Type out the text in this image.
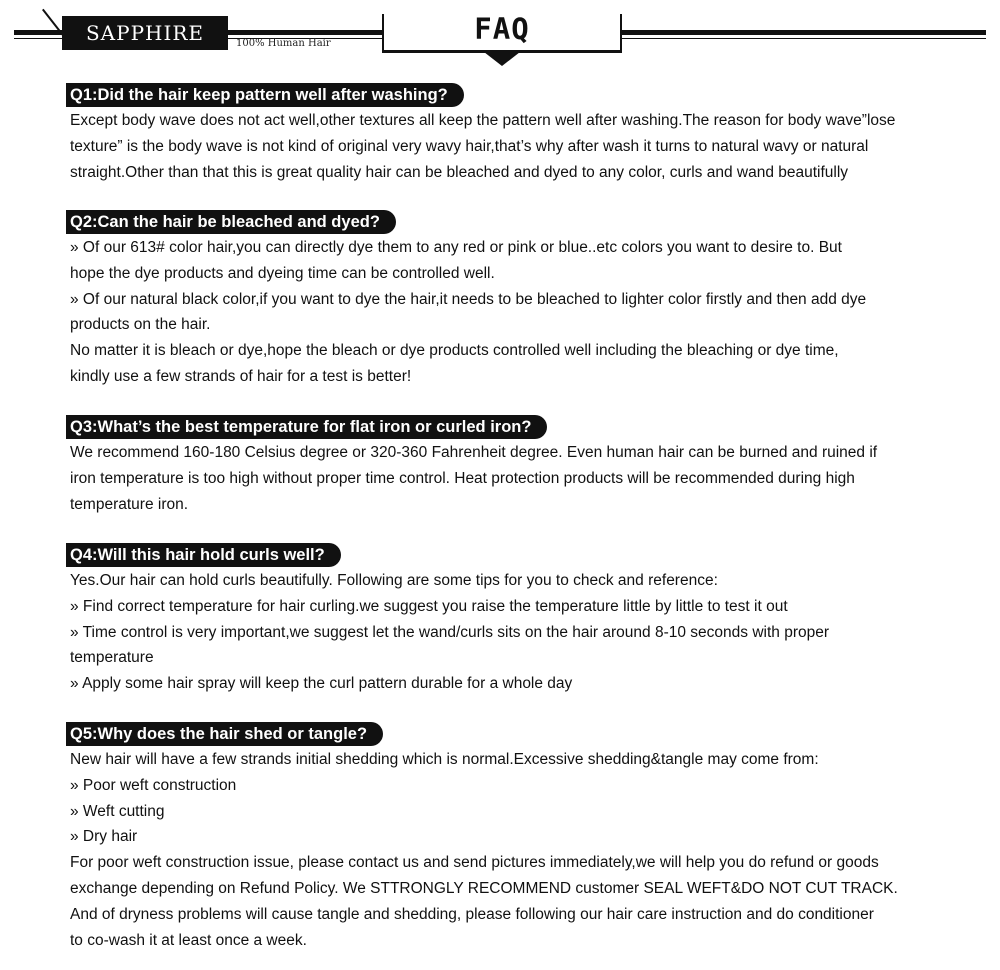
SAPPHIRE	100% Human Hair	FAQ
Q1:Did the hair keep pattern well after washing?

Except body wave does not act well,other textures all keep the pattern well after washing.The reason for body wave”lose

texture” is the body wave is not kind of original very wavy hair,that’s why after wash it turns to natural wavy or natural

straight.Other than that this is great quality hair can be bleached and dyed to any color, curls and wand beautifully

Q2:Can the hair be bleached and dyed?

» Of our 613# color hair,you can directly dye them to any red or pink or blue..etc colors you want to desire to. But

hope the dye products and dyeing time can be controlled well.

» Of our natural black color,if you want to dye the hair,it needs to be bleached to lighter color firstly and then add dye

products on the hair.

No matter it is bleach or dye,hope the bleach or dye products controlled well including the bleaching or dye time,

kindly use a few strands of hair for a test is better!

Q3:What’s the best temperature for flat iron or curled iron?

We recommend 160-180 Celsius degree or 320-360 Fahrenheit degree. Even human hair can be burned and ruined if

iron temperature is too high without proper time control. Heat protection products will be recommended during high

temperature iron.

Q4:Will this hair hold curls well?

Yes.Our hair can hold curls beautifully. Following are some tips for you to check and reference:

» Find correct temperature for hair curling.we suggest you raise the temperature little by little to test it out

» Time control is very important,we suggest let the wand/curls sits on the hair around 8-10 seconds with proper

temperature

» Apply some hair spray will keep the curl pattern durable for a whole day

Q5:Why does the hair shed or tangle?

New hair will have a few strands initial shedding which is normal.Excessive shedding&tangle may come from:

» Poor weft construction

» Weft cutting

» Dry hair

For poor weft construction issue, please contact us and send pictures immediately,we will help you do refund or goods

exchange depending on Refund Policy. We STTRONGLY RECOMMEND customer SEAL WEFT&DO NOT CUT TRACK.

And of dryness problems will cause tangle and shedding, please following our hair care instruction and do conditioner

to co-wash it at least once a week.
